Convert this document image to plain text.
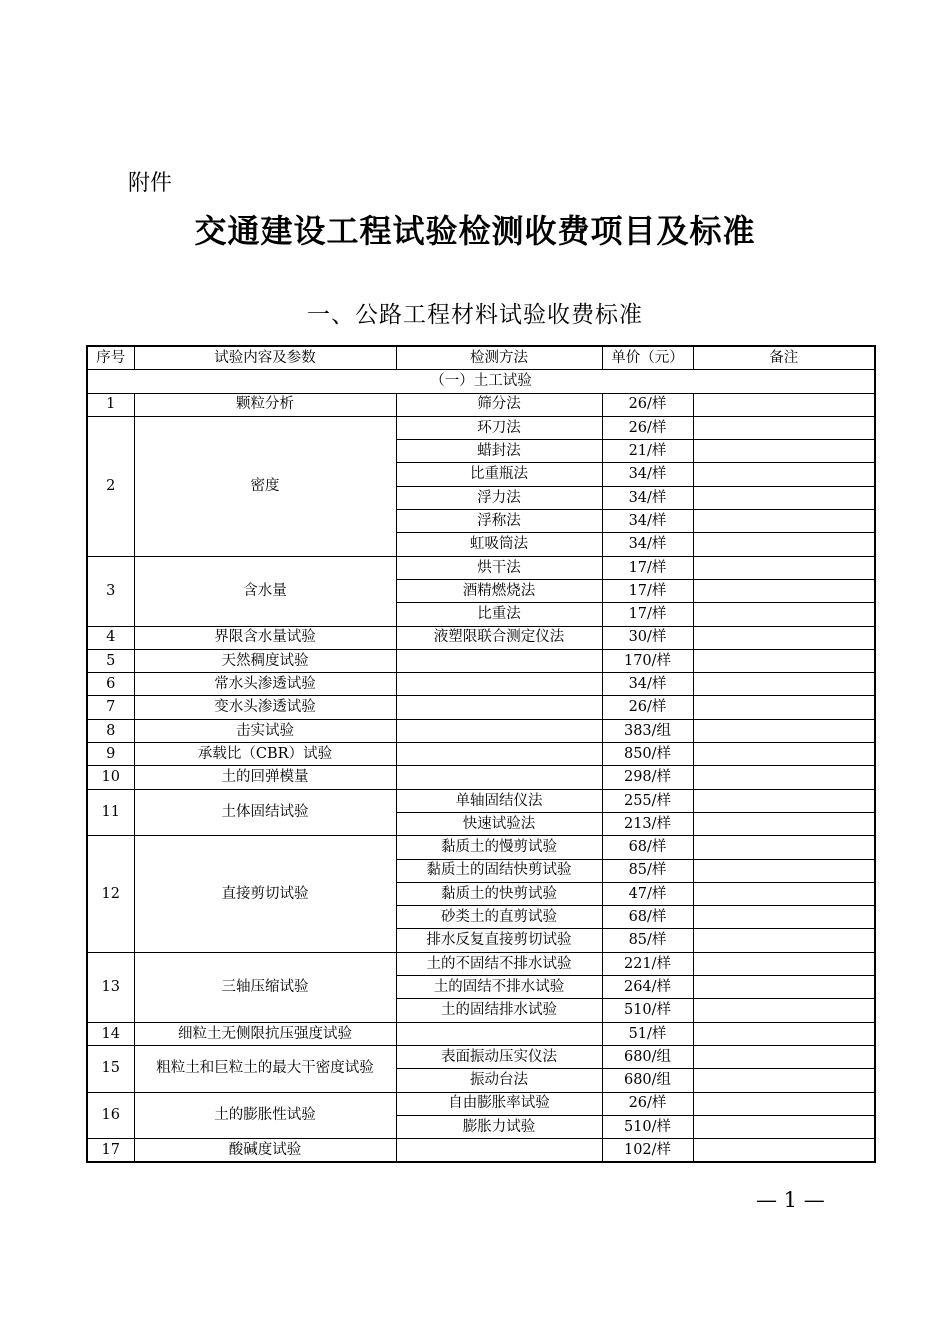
附件
交通建设工程试验检测收费项目及标准
一、公路工程材料试验收费标准
序号	试验内容及参数	检测方法	单价（元）	备注
（一）土工试验				
1	颗粒分析	筛分法	26/样	
2	密度	环刀法	26/样	
		蜡封法	21/样	
		比重瓶法	34/样	
		浮力法	34/样	
		浮称法	34/样	
		虹吸筒法	34/样	
3	含水量	烘干法	17/样	
		酒精燃烧法	17/样	
		比重法	17/样	
4	界限含水量试验	液塑限联合测定仪法	30/样	
5	天然稠度试验		170/样	
6	常水头渗透试验		34/样	
7	变水头渗透试验		26/样	
8	击实试验		383/组	
9	承载比（CBR）试验		850/样	
10	土的回弹模量		298/样	
11	土体固结试验	单轴固结仪法	255/样	
		快速试验法	213/样	
12	直接剪切试验	黏质土的慢剪试验	68/样	
		黏质土的固结快剪试验	85/样	
		黏质土的快剪试验	47/样	
		砂类土的直剪试验	68/样	
		排水反复直接剪切试验	85/样	
13	三轴压缩试验	土的不固结不排水试验	221/样	
		土的固结不排水试验	264/样	
		土的固结排水试验	510/样	
14	细粒土无侧限抗压强度试验		51/样	
15	粗粒土和巨粒土的最大干密度试验	表面振动压实仪法	680/组	
		振动台法	680/组	
16	土的膨胀性试验	自由膨胀率试验	26/样	
		膨胀力试验	510/样	
17	酸碱度试验		102/样	
— 1 —
